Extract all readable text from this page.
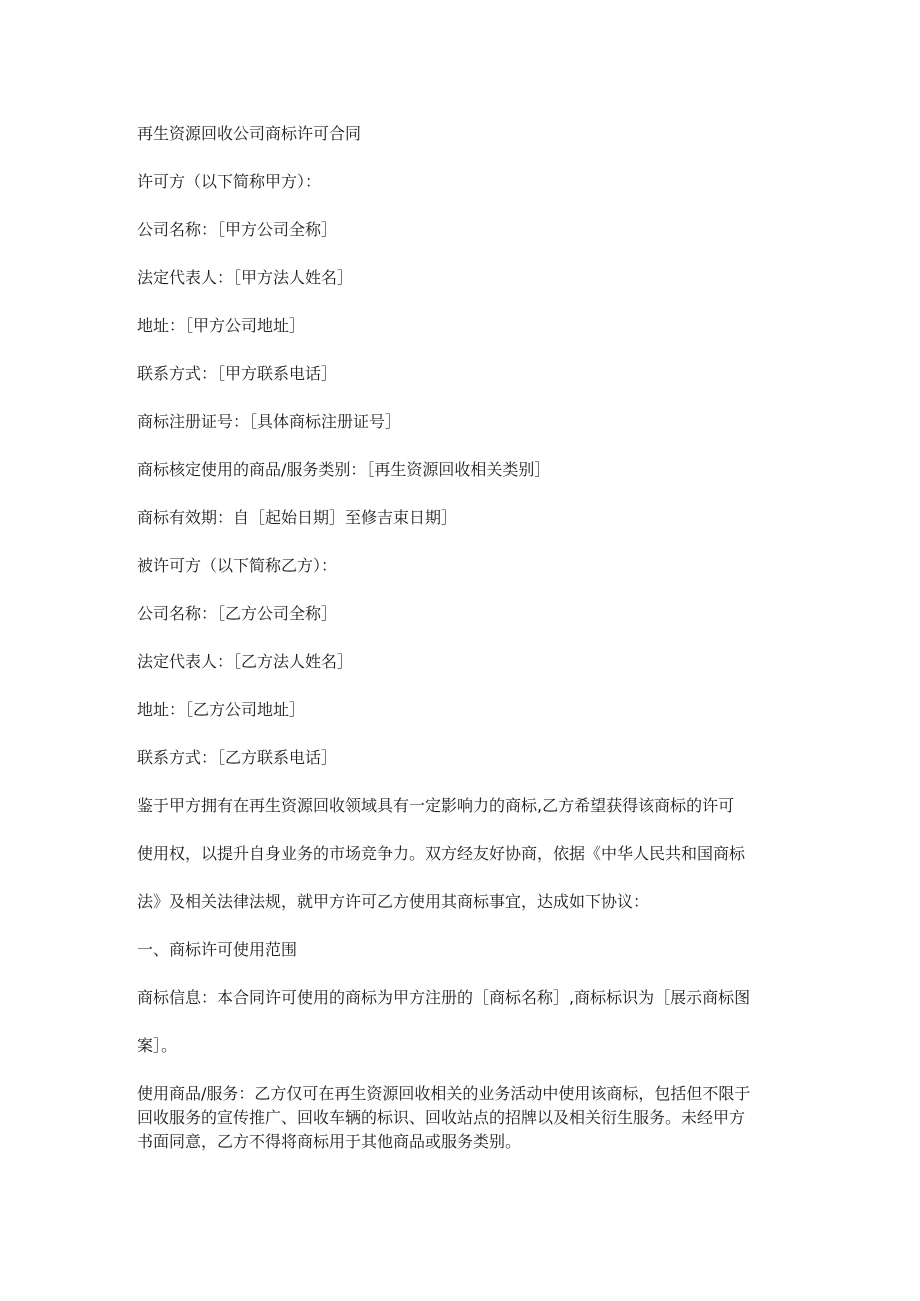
再生资源回收公司商标许可合同
许可方（以下简称甲方）：
公司名称：［甲方公司全称］
法定代表人：［甲方法人姓名］
地址：［甲方公司地址］
联系方式：［甲方联系电话］
商标注册证号：［具体商标注册证号］
商标核定使用的商品/服务类别：［再生资源回收相关类别］
商标有效期：自［起始日期］至修吉束日期］
被许可方（以下简称乙方）：
公司名称：［乙方公司全称］
法定代表人：［乙方法人姓名］
地址：［乙方公司地址］
联系方式：［乙方联系电话］
鉴于甲方拥有在再生资源回收领域具有一定影响力的商标,乙方希望获得该商标的许可
使用权，以提升自身业务的市场竞争力。双方经友好协商，依据《中华人民共和国商标
法》及相关法律法规，就甲方许可乙方使用其商标事宜，达成如下协议：
一、商标许可使用范围
商标信息：本合同许可使用的商标为甲方注册的［商标名称］,商标标识为［展示商标图
案］。
使用商品/服务：乙方仅可在再生资源回收相关的业务活动中使用该商标，包括但不限于
回收服务的宣传推广、回收车辆的标识、回收站点的招牌以及相关衍生服务。未经甲方
书面同意，乙方不得将商标用于其他商品或服务类别。
